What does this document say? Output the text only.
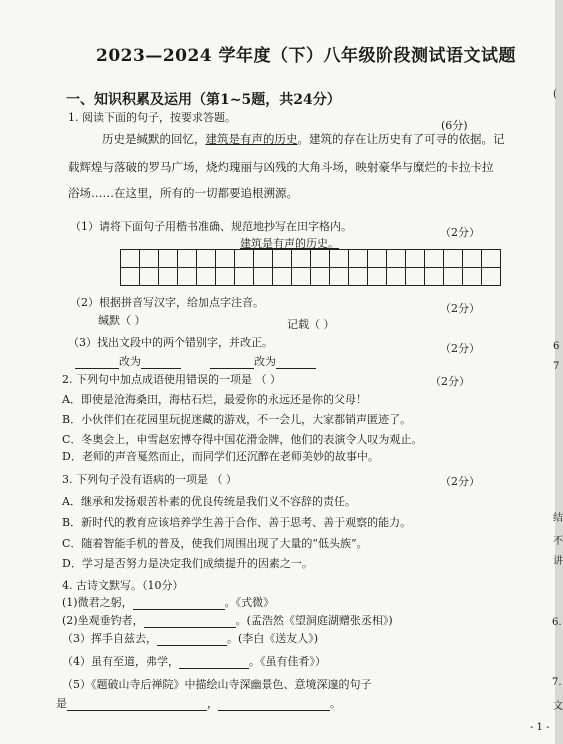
2023—2024 学年度（下）八年级阶段测试语文试题
一、知识积累及运用（第1~5题，共24分）
1. 阅读下面的句子，按要求答题。
(6分)
历史是缄默的回忆，建筑是有声的历史。建筑的存在让历史有了可寻的依据。记
载辉煌与落破的罗马广场，烧灼瑰丽与凶残的大角斗场，映射豪华与糜烂的卡拉卡拉
浴场……在这里，所有的一切都要追根溯源。
（1）请将下面句子用楷书准确、规范地抄写在田字格内。	（2分）
建筑是有声的历史。

（2）根据拼音写汉字，给加点字注音。	（2分）
缄默（ ）	记载（ ）
（3）找出文段中的两个错别字，并改正。	（2分）
改为	改为
2. 下列句中加点成语使用错误的一项是 （ ）	（2分）
A．即使是沧海桑田，海枯石烂，最爱你的永远还是你的父母！
B．小伙伴们在花园里玩捉迷藏的游戏，不一会儿，大家都销声匿迹了。
C．冬奥会上，申雪赵宏博夺得中国花滑金牌，他们的表演令人叹为观止。
D．老师的声音戛然而止，而同学们还沉醉在老师美妙的故事中。
3. 下列句子没有语病的一项是 （ ）	（2分）
A．继承和发扬艰苦朴素的优良传统是我们义不容辞的责任。
B．新时代的教育应该培养学生善于合作、善于思考、善于观察的能力。
C．随着智能手机的普及，使我们周围出现了大量的“低头族”。
D．学习是否努力是决定我们成绩提升的因素之一。
4. 古诗文默写。（10分）
(1)微君之躬，	。《式微》
(2)坐观垂钓者，	。(孟浩然《望洞庭湖赠张丞相》)
（3）挥手自兹去，	。(李白《送友人》)
（4）虽有至道，弗学，	。《虽有佳肴》）
（5）《题破山寺后禅院》中描绘山寺深幽景色、意境深邃的句子
是	，	。
(
7
6
6.
7.
文
不
讲
结
- 1 -
